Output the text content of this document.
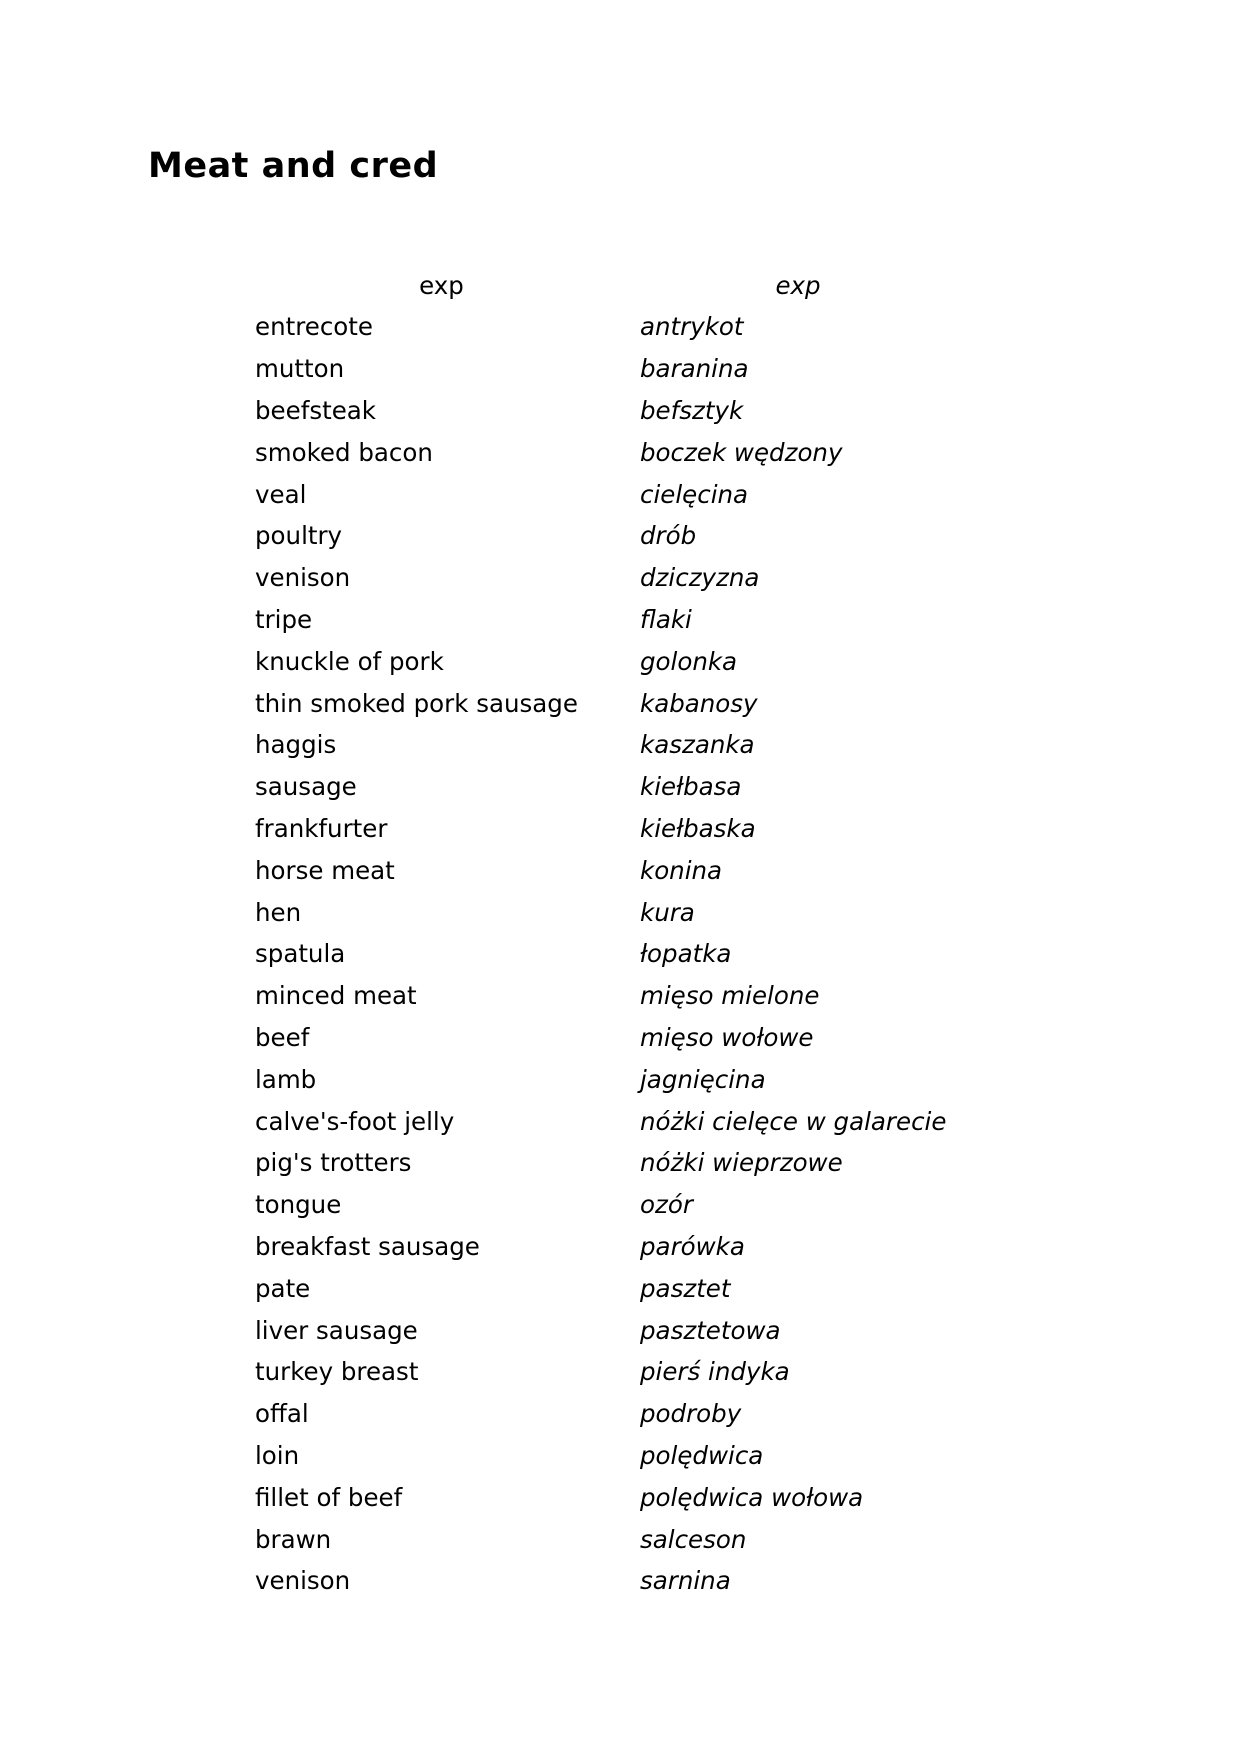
Meat and cred
exp	exp
entrecote	antrykot
mutton	baranina
beefsteak	befsztyk
smoked bacon	boczek wędzony
veal	cielęcina
poultry	drób
venison	dziczyzna
tripe	flaki
knuckle of pork	golonka
thin smoked pork sausage	kabanosy
haggis	kaszanka
sausage	kiełbasa
frankfurter	kiełbaska
horse meat	konina
hen	kura
spatula	łopatka
minced meat	mięso mielone
beef	mięso wołowe
lamb	jagnięcina
calve's-foot jelly	nóżki cielęce w galarecie
pig's trotters	nóżki wieprzowe
tongue	ozór
breakfast sausage	parówka
pate	pasztet
liver sausage	pasztetowa
turkey breast	pierś indyka
offal	podroby
loin	polędwica
fillet of beef	polędwica wołowa
brawn	salceson
venison	sarnina
